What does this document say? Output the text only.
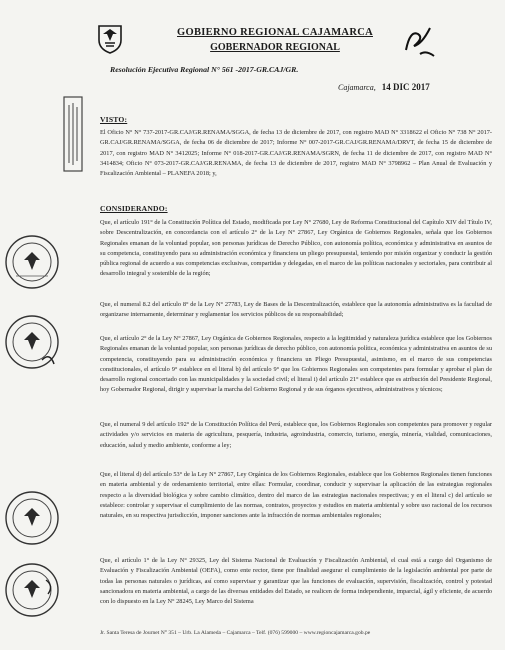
GOBIERNO REGIONAL CAJAMARCA
GOBERNADOR REGIONAL
Resolución Ejecutiva Regional N° 561 -2017-GR.CAJ/GR.
Cajamarca, 14 DIC 2017
VISTO:
El Oficio N° N° 737-2017-GR.CAJ/GR.RENAMA/SGGA, de fecha 13 de diciembre de 2017, con registro MAD N° 3318622 el Oficio N° 738 N° 2017-GR.CAJ/GR.RENAMA/SGGA, de fecha 06 de diciembre de 2017; Informe N° 007-2017-GR.CAJ/GR.RENAMA/DRVT, de fecha 15 de diciembre de 2017, con registro MAD N° 3412025; Informe N° 018-2017-GR.CAJ/GR.RENAMA/SGRN, de fecha 11 de diciembre de 2017, con registro MAD N° 3414834; Oficio N° 073-2017-GR.CAJ/GR.RENAMA, de fecha 13 de diciembre de 2017, registro MAD N° 3798962 – Plan Anual de Evaluación y Fiscalización Ambiental – PLANEFA 2018; y,
CONSIDERANDO:
Que, el artículo 191° de la Constitución Política del Estado, modificada por Ley N° 27680, Ley de Reforma Constitucional del Capítulo XIV del Título IV, sobre Descentralización, en concordancia con el artículo 2° de la Ley N° 27867, Ley Orgánica de Gobiernos Regionales, señala que los Gobiernos Regionales emanan de la voluntad popular, son personas jurídicas de Derecho Público, con autonomía política, económica y administrativa en asuntos de su competencia, constituyendo para su administración económica y financiera un pliego presupuestal, teniendo por misión organizar y conducir la gestión pública regional de acuerdo a sus competencias exclusivas, compartidas y delegadas, en el marco de las políticas nacionales y sectoriales, para contribuir al desarrollo integral y sostenible de la región;
Que, el numeral 8.2 del artículo 8° de la Ley N° 27783, Ley de Bases de la Descentralización, establece que la autonomía administrativa es la facultad de organizarse internamente, determinar y reglamentar los servicios públicos de su responsabilidad;
Que, el artículo 2° de la Ley N° 27867, Ley Orgánica de Gobiernos Regionales, respecto a la legitimidad y naturaleza jurídica establece que los Gobiernos Regionales emanan de la voluntad popular, son personas jurídicas de derecho público, con autonomía política, económica y administrativa en asuntos de su competencia, constituyendo para su administración económica y financiera un Pliego Presupuestal, asimismo, en el marco de sus competencias constitucionales, el artículo 9° establece en el literal b) del artículo 9° que los Gobiernos Regionales son competentes para formular y aprobar el plan de desarrollo regional concertado con las municipalidades y la sociedad civil; el literal i) del artículo 21° establece que es atribución del Presidente Regional, hoy Gobernador Regional, dirigir y supervisar la marcha del Gobierno Regional y de sus órganos ejecutivos, administrativos y técnicos;
Que, el numeral 9 del artículo 192° de la Constitución Política del Perú, establece que, los Gobiernos Regionales son competentes para promover y regular actividades y/o servicios en materia de agricultura, pesquería, industria, agroindustria, comercio, turismo, energía, minería, vialidad, comunicaciones, educación, salud y medio ambiente, conforme a ley;
Que, el literal d) del artículo 53° de la Ley N° 27867, Ley Orgánica de los Gobiernos Regionales, establece que los Gobiernos Regionales tienen funciones en materia ambiental y de ordenamiento territorial, entre ellas: Formular, coordinar, conducir y supervisar la aplicación de las estrategias regionales respecto a la diversidad biológica y sobre cambio climático, dentro del marco de las estrategias nacionales respectivas; y en el literal c) del artículo se establece: controlar y supervisar el cumplimiento de las normas, contratos, proyectos y estudios en materia ambiental y sobre uso racional de los recursos naturales, en su respectiva jurisdicción, imponer sanciones ante la infracción de normas ambientales regionales;
Que, el artículo 1° de la Ley N° 29325, Ley del Sistema Nacional de Evaluación y Fiscalización Ambiental, el cual está a cargo del Organismo de Evaluación y Fiscalización Ambiental (OEFA), como ente rector, tiene por finalidad asegurar el cumplimiento de la legislación ambiental por parte de todas las personas naturales o jurídicas, así como supervisar y garantizar que las funciones de evaluación, supervisión, fiscalización, control y potestad sancionadora en materia ambiental, a cargo de las diversas entidades del Estado, se realicen de forma independiente, imparcial, ágil y eficiente, de acuerdo con lo dispuesto en la Ley N° 28245, Ley Marco del Sistema
Jr. Santa Teresa de Journet N° 351 – Urb. La Alameda – Cajamarca – Telf. (076) 599000 – www.regioncajamarca.gob.pe
